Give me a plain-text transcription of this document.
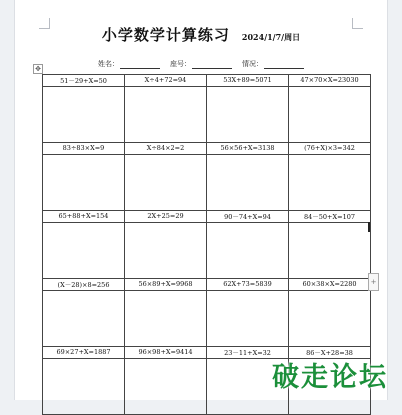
小学数学计算练习 2024/1/7/周日
姓名：	座号：	情况：
✥
51－29+Ⅹ=50	Ⅹ÷4+72=94	53Ⅹ+89=5071	47×70×Ⅹ=23030

83÷83×Ⅹ=9	Ⅹ÷84×2=2	56×56+Ⅹ=3138	(76+Ⅹ)×3=342

65+88+Ⅹ=154	2Ⅹ+25=29	90－74+Ⅹ=94	84－50+Ⅹ=107

(Ⅹ－28)×8=256	56×89+Ⅹ=9968	62Ⅹ+73=5839	60×38×Ⅹ=2280

69×27+Ⅹ=1887	96×98+Ⅹ=9414	23－11+Ⅹ=32	86－Ⅹ+28=38
+
破走论坛
